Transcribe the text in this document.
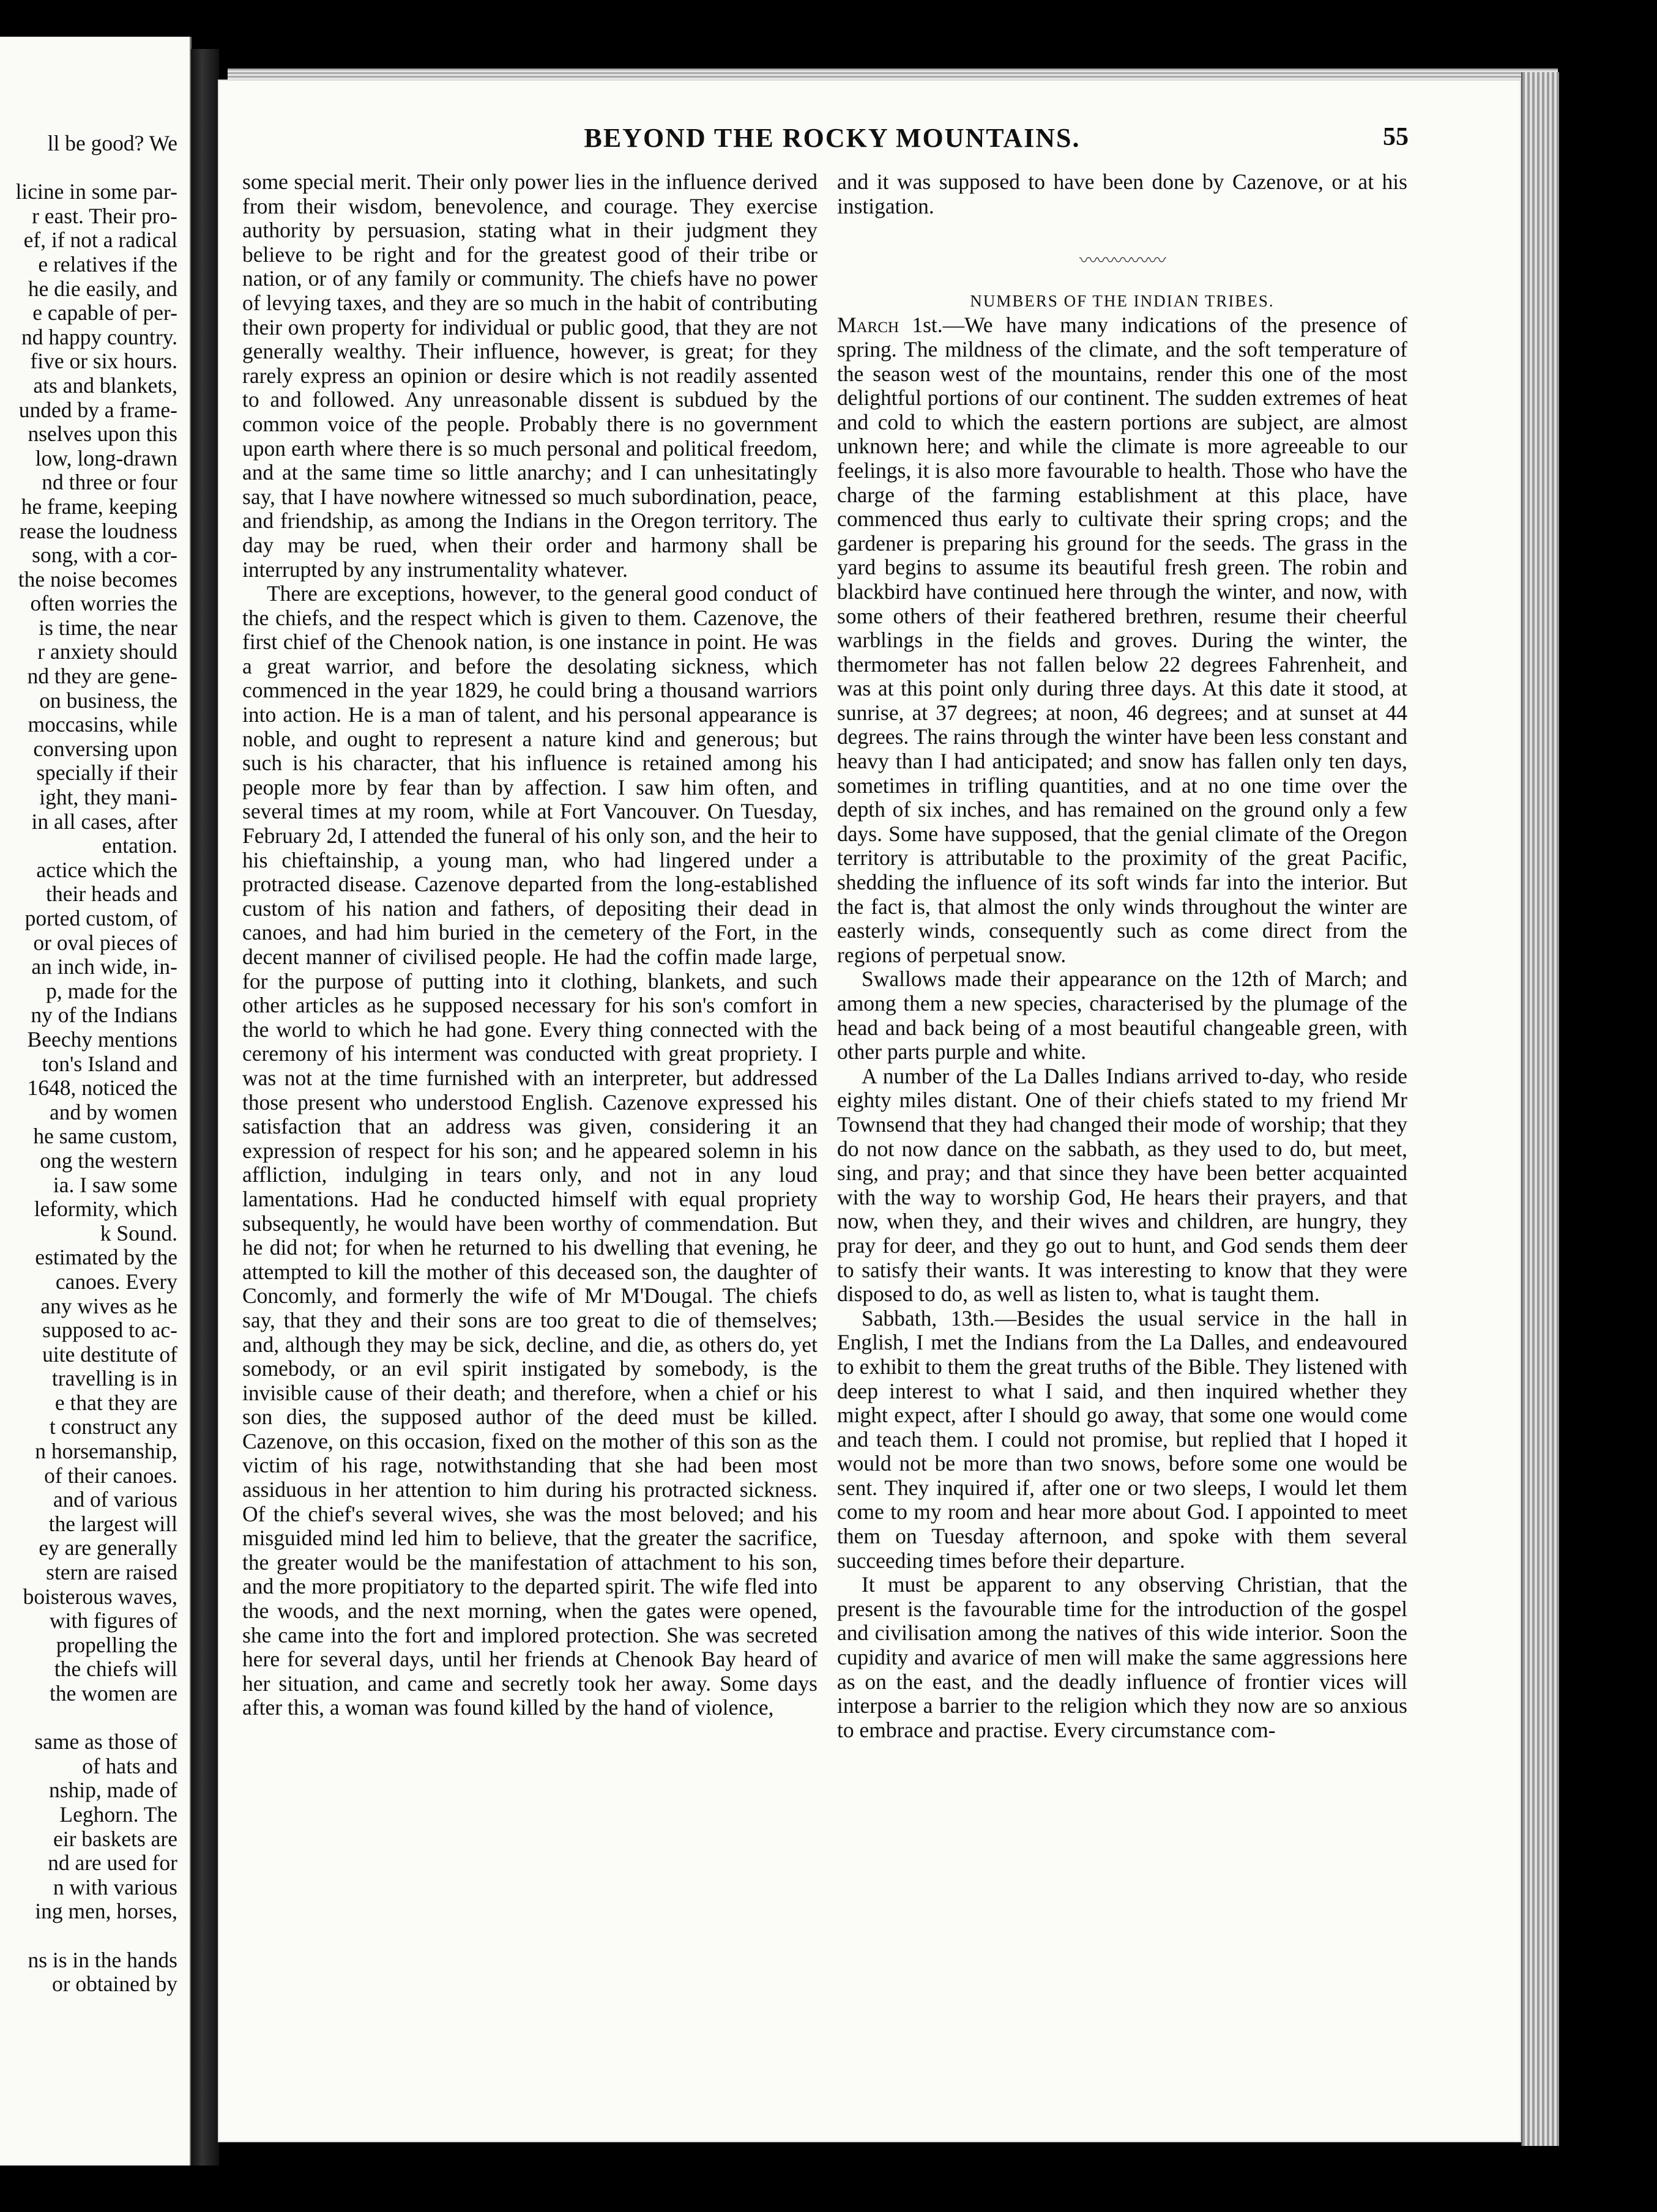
ll be good? We

licine in some par-
r east. Their pro-
ef, if not a radical
e relatives if the
he die easily, and
e capable of per-
nd happy country.
five or six hours.
ats and blankets,
unded by a frame-
nselves upon this
low, long-drawn
nd three or four
he frame, keeping
rease the loudness
song, with a cor-
the noise becomes
often worries the
is time, the near
r anxiety should
nd they are gene-
on business, the
moccasins, while
conversing upon
specially if their
ight, they mani-
in all cases, after
entation.
actice which the
their heads and
ported custom, of
or oval pieces of
an inch wide, in-
p, made for the
ny of the Indians
Beechy mentions
ton's Island and
1648, noticed the
and by women
he same custom,
ong the western
ia. I saw some
leformity, which
k Sound.
estimated by the
canoes. Every
any wives as he
supposed to ac-
uite destitute of
travelling is in
e that they are
t construct any
n horsemanship,
of their canoes.
and of various
the largest will
ey are generally
stern are raised
boisterous waves,
with figures of
propelling the
the chiefs will
the women are

same as those of
of hats and
nship, made of
Leghorn. The
eir baskets are
nd are used for
n with various
ing men, horses,

ns is in the hands
or obtained by
BEYOND THE ROCKY MOUNTAINS.	55

some special merit. Their only power lies in the influence derived from their wisdom, benevolence, and courage. They exercise authority by persuasion, stating what in their judgment they believe to be right and for the greatest good of their tribe or nation, or of any family or community. The chiefs have no power of levying taxes, and they are so much in the habit of contributing their own property for individual or public good, that they are not generally wealthy. Their influence, however, is great; for they rarely express an opinion or desire which is not readily assented to and followed. Any unreasonable dissent is subdued by the common voice of the people. Probably there is no government upon earth where there is so much personal and political freedom, and at the same time so little anarchy; and I can unhesitatingly say, that I have nowhere witnessed so much subordination, peace, and friendship, as among the Indians in the Oregon territory. The day may be rued, when their order and harmony shall be interrupted by any instrumentality whatever.

There are exceptions, however, to the general good conduct of the chiefs, and the respect which is given to them. Cazenove, the first chief of the Chenook nation, is one instance in point. He was a great warrior, and before the desolating sickness, which commenced in the year 1829, he could bring a thousand warriors into action. He is a man of talent, and his personal appearance is noble, and ought to represent a nature kind and generous; but such is his character, that his influence is retained among his people more by fear than by affection. I saw him often, and several times at my room, while at Fort Vancouver. On Tuesday, February 2d, I attended the funeral of his only son, and the heir to his chieftainship, a young man, who had lingered under a protracted disease. Cazenove departed from the long-established custom of his nation and fathers, of depositing their dead in canoes, and had him buried in the cemetery of the Fort, in the decent manner of civilised people. He had the coffin made large, for the purpose of putting into it clothing, blankets, and such other articles as he supposed necessary for his son's comfort in the world to which he had gone. Every thing connected with the ceremony of his interment was conducted with great propriety. I was not at the time furnished with an interpreter, but addressed those present who understood English. Cazenove expressed his satisfaction that an address was given, considering it an expression of respect for his son; and he appeared solemn in his affliction, indulging in tears only, and not in any loud lamentations. Had he conducted himself with equal propriety subsequently, he would have been worthy of commendation. But he did not; for when he returned to his dwelling that evening, he attempted to kill the mother of this deceased son, the daughter of Concomly, and formerly the wife of Mr M'Dougal. The chiefs say, that they and their sons are too great to die of themselves; and, although they may be sick, decline, and die, as others do, yet somebody, or an evil spirit instigated by somebody, is the invisible cause of their death; and therefore, when a chief or his son dies, the supposed author of the deed must be killed. Cazenove, on this occasion, fixed on the mother of this son as the victim of his rage, notwithstanding that she had been most assiduous in her attention to him during his protracted sickness. Of the chief's several wives, she was the most beloved; and his misguided mind led him to believe, that the greater the sacrifice, the greater would be the manifestation of attachment to his son, and the more propitiatory to the departed spirit. The wife fled into the woods, and the next morning, when the gates were opened, she came into the fort and implored protection. She was secreted here for several days, until her friends at Chenook Bay heard of her situation, and came and secretly took her away. Some days after this, a woman was found killed by the hand of violence,

and it was supposed to have been done by Cazenove, or at his instigation.

〰〰〰〰〰

NUMBERS OF THE INDIAN TRIBES.

March 1st.—We have many indications of the presence of spring. The mildness of the climate, and the soft temperature of the season west of the mountains, render this one of the most delightful portions of our continent. The sudden extremes of heat and cold to which the eastern portions are subject, are almost unknown here; and while the climate is more agreeable to our feelings, it is also more favourable to health. Those who have the charge of the farming establishment at this place, have commenced thus early to cultivate their spring crops; and the gardener is preparing his ground for the seeds. The grass in the yard begins to assume its beautiful fresh green. The robin and blackbird have continued here through the winter, and now, with some others of their feathered brethren, resume their cheerful warblings in the fields and groves. During the winter, the thermometer has not fallen below 22 degrees Fahrenheit, and was at this point only during three days. At this date it stood, at sunrise, at 37 degrees; at noon, 46 degrees; and at sunset at 44 degrees. The rains through the winter have been less constant and heavy than I had anticipated; and snow has fallen only ten days, sometimes in trifling quantities, and at no one time over the depth of six inches, and has remained on the ground only a few days. Some have supposed, that the genial climate of the Oregon territory is attributable to the proximity of the great Pacific, shedding the influence of its soft winds far into the interior. But the fact is, that almost the only winds throughout the winter are easterly winds, consequently such as come direct from the regions of perpetual snow.

Swallows made their appearance on the 12th of March; and among them a new species, characterised by the plumage of the head and back being of a most beautiful changeable green, with other parts purple and white.

A number of the La Dalles Indians arrived to-day, who reside eighty miles distant. One of their chiefs stated to my friend Mr Townsend that they had changed their mode of worship; that they do not now dance on the sabbath, as they used to do, but meet, sing, and pray; and that since they have been better acquainted with the way to worship God, He hears their prayers, and that now, when they, and their wives and children, are hungry, they pray for deer, and they go out to hunt, and God sends them deer to satisfy their wants. It was interesting to know that they were disposed to do, as well as listen to, what is taught them.

Sabbath, 13th.—Besides the usual service in the hall in English, I met the Indians from the La Dalles, and endeavoured to exhibit to them the great truths of the Bible. They listened with deep interest to what I said, and then inquired whether they might expect, after I should go away, that some one would come and teach them. I could not promise, but replied that I hoped it would not be more than two snows, before some one would be sent. They inquired if, after one or two sleeps, I would let them come to my room and hear more about God. I appointed to meet them on Tuesday afternoon, and spoke with them several succeeding times before their departure.

It must be apparent to any observing Christian, that the present is the favourable time for the introduction of the gospel and civilisation among the natives of this wide interior. Soon the cupidity and avarice of men will make the same aggressions here as on the east, and the deadly influence of frontier vices will interpose a barrier to the religion which they now are so anxious to embrace and practise. Every circumstance com-
